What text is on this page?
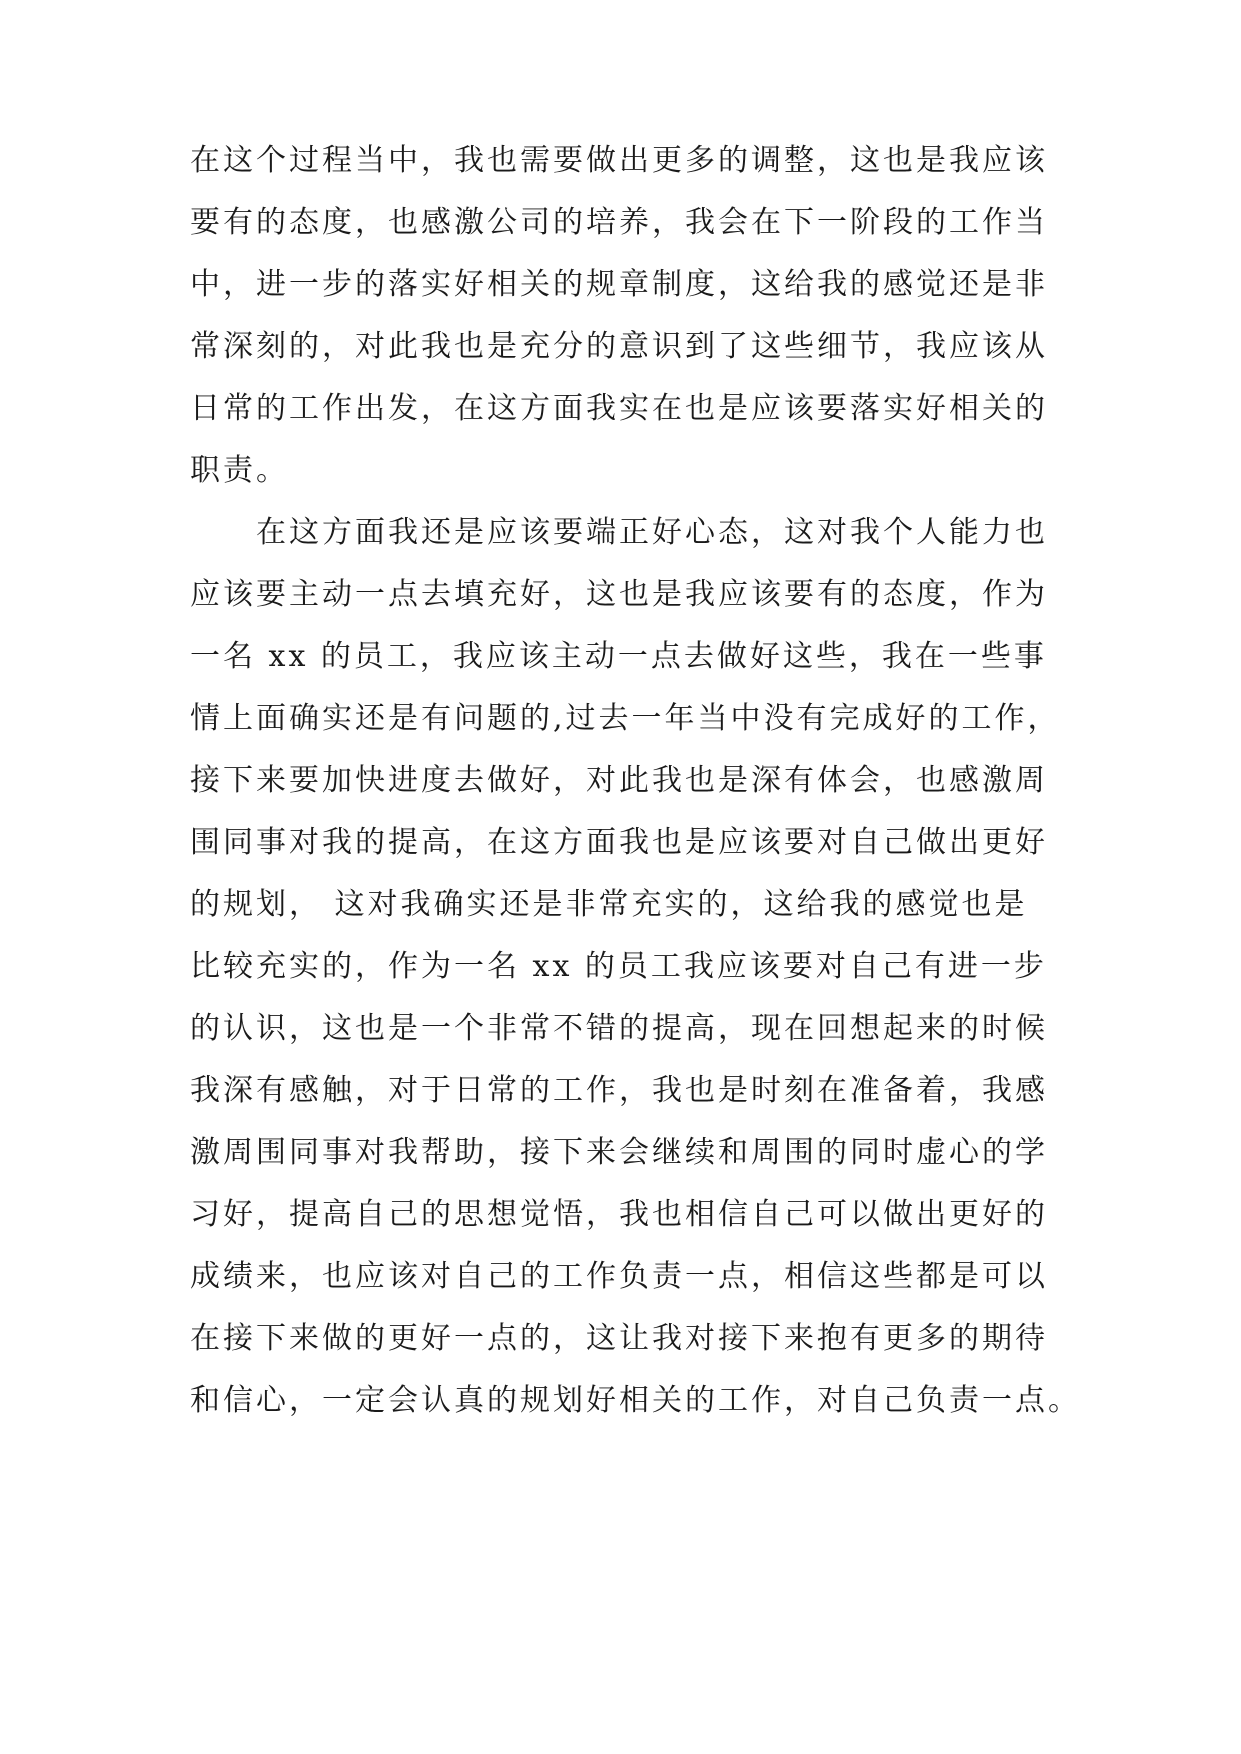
在这个过程当中，我也需要做出更多的调整，这也是我应该
要有的态度，也感激公司的培养，我会在下一阶段的工作当
中，进一步的落实好相关的规章制度，这给我的感觉还是非
常深刻的，对此我也是充分的意识到了这些细节，我应该从
日常的工作出发，在这方面我实在也是应该要落实好相关的
职责。
在这方面我还是应该要端正好心态，这对我个人能力也
应该要主动一点去填充好，这也是我应该要有的态度，作为
一名 xx 的员工，我应该主动一点去做好这些，我在一些事
情上面确实还是有问题的,过去一年当中没有完成好的工作，
接下来要加快进度去做好，对此我也是深有体会，也感激周
围同事对我的提高，在这方面我也是应该要对自己做出更好
的规划， 这对我确实还是非常充实的，这给我的感觉也是
比较充实的，作为一名 xx 的员工我应该要对自己有进一步
的认识，这也是一个非常不错的提高，现在回想起来的时候
我深有感触，对于日常的工作，我也是时刻在准备着，我感
激周围同事对我帮助，接下来会继续和周围的同时虚心的学
习好，提高自己的思想觉悟，我也相信自己可以做出更好的
成绩来，也应该对自己的工作负责一点，相信这些都是可以
在接下来做的更好一点的，这让我对接下来抱有更多的期待
和信心，一定会认真的规划好相关的工作，对自己负责一点。
